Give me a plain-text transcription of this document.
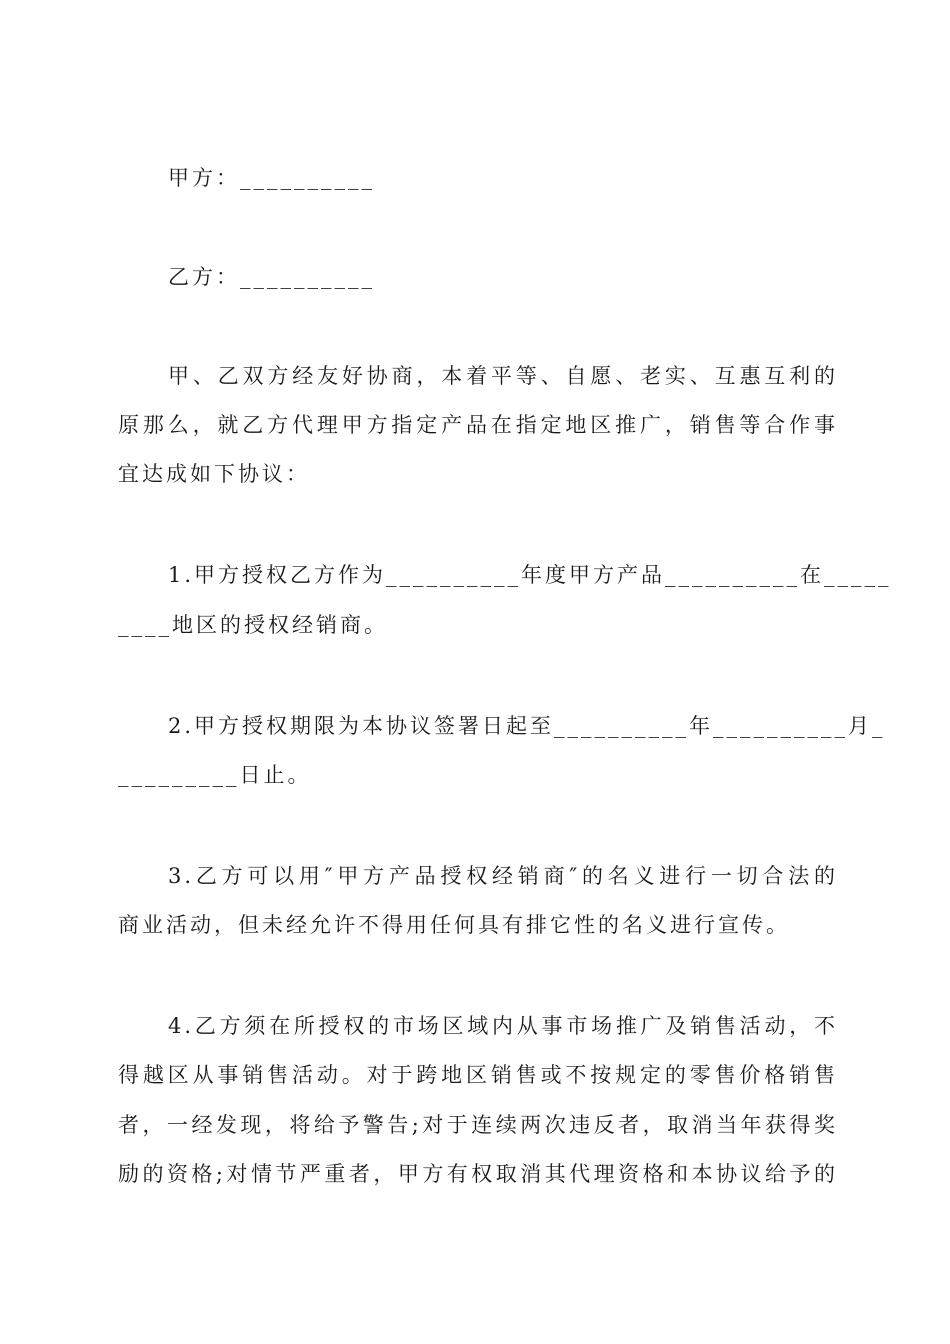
甲方：__________
乙方：__________
甲、乙双方经友好协商，本着平等、自愿、老实、互惠互利的
原那么，就乙方代理甲方指定产品在指定地区推广，销售等合作事
宜达成如下协议：
1.甲方授权乙方作为__________年度甲方产品__________在_____
____地区的授权经销商。
2.甲方授权期限为本协议签署日起至__________年__________月_
_________日止。
3.乙方可以用″甲方产品授权经销商″的名义进行一切合法的
商业活动，但未经允许不得用任何具有排它性的名义进行宣传。
4.乙方须在所授权的市场区域内从事市场推广及销售活动，不
得越区从事销售活动。对于跨地区销售或不按规定的零售价格销售
者，一经发现，将给予警告;对于连续两次违反者，取消当年获得奖
励的资格;对情节严重者，甲方有权取消其代理资格和本协议给予的
